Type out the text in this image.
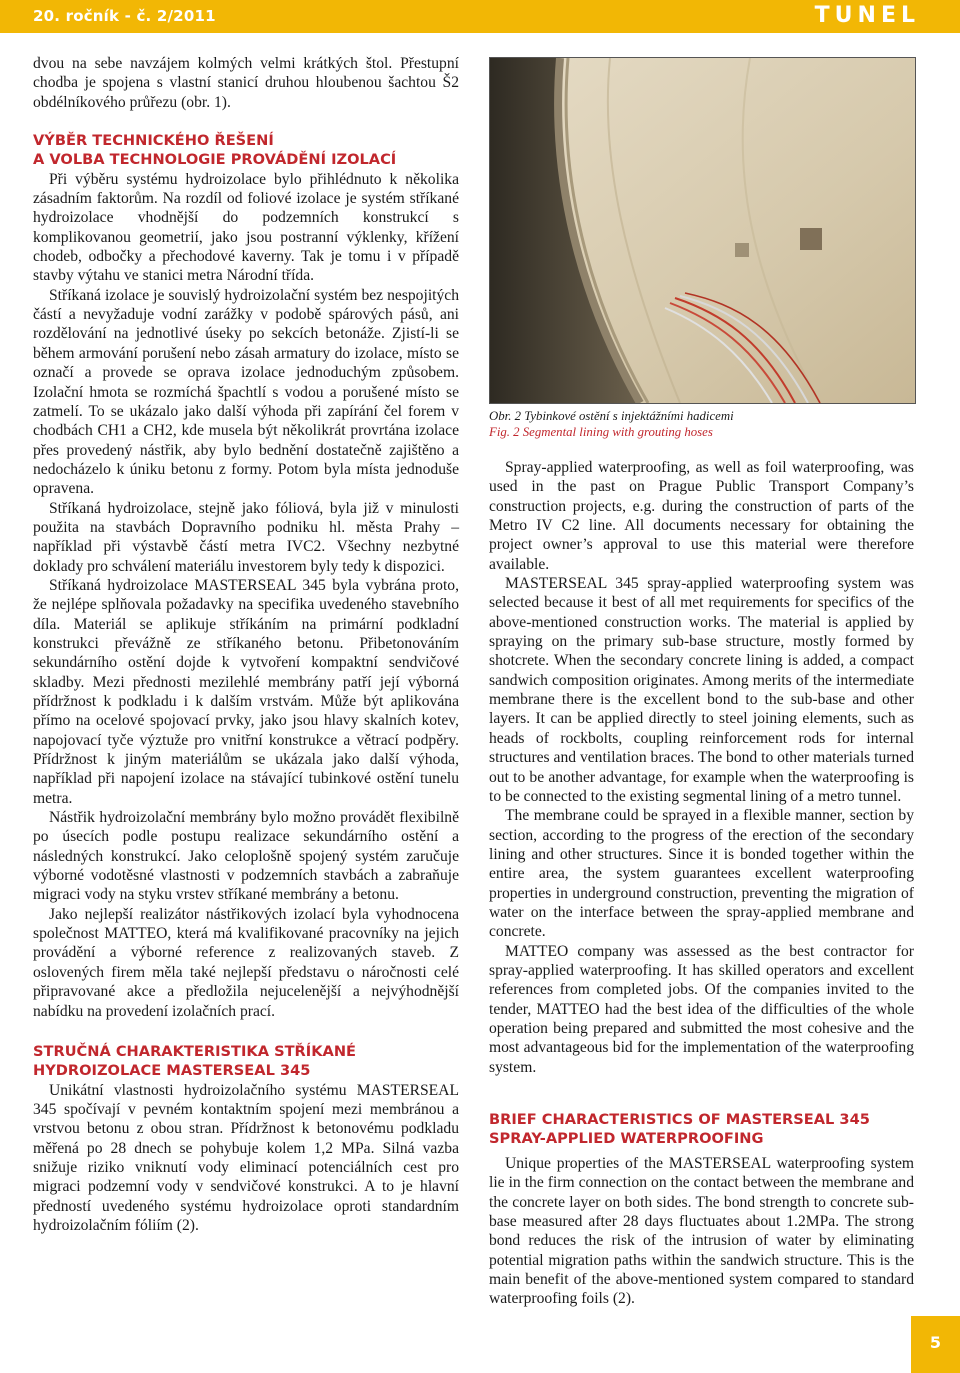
20. ročník - č. 2/2011	TUNEL

dvou na sebe navzájem kolmých velmi krátkých štol. Přestupní chodba je spojena s vlastní stanicí druhou hloubenou šachtou Š2 obdélníkového průřezu (obr. 1).

VÝBĚR TECHNICKÉHO ŘEŠENÍ
A VOLBA TECHNOLOGIE PROVÁDĚNÍ IZOLACÍ

Při výběru systému hydroizolace bylo přihlédnuto k několika zásadním faktorům. Na rozdíl od foliové izolace je systém stříkané hydroizolace vhodnější do podzemních konstrukcí s komplikovanou geometrií, jako jsou postranní výklenky, křížení chodeb, odbočky a přechodové kaverny. Tak je tomu i v případě stavby výtahu ve stanici metra Národní třída.

Stříkaná izolace je souvislý hydroizolační systém bez nespojitých částí a nevyžaduje vodní zarážky v podobě spárových pásů, ani rozdělování na jednotlivé úseky po sekcích betonáže. Zjistí-li se během armování porušení nebo zásah armatury do izolace, místo se označí a provede se oprava izolace jednoduchým způsobem. Izolační hmota se rozmíchá špachtlí s vodou a porušené místo se zatmelí. To se ukázalo jako další výhoda při zapírání čel forem v chodbách CH1 a CH2, kde musela být několikrát provrtána izolace přes provedený nástřik, aby bylo bednění dostatečně zajištěno a nedocházelo k úniku betonu z formy. Potom byla místa jednoduše opravena.

Stříkaná hydroizolace, stejně jako fóliová, byla již v minulosti použita na stavbách Dopravního podniku hl. města Prahy – například při výstavbě částí metra IVC2. Všechny nezbytné doklady pro schválení materiálu investorem byly tedy k dispozici.

Stříkaná hydroizolace MASTERSEAL 345 byla vybrána proto, že nejlépe splňovala požadavky na specifika uvedeného stavebního díla. Materiál se aplikuje stříkáním na primární podkladní konstrukci převážně ze stříkaného betonu. Přibetonováním sekundárního ostění dojde k vytvoření kompaktní sendvičové skladby. Mezi přednosti mezilehlé membrány patří její výborná přídržnost k podkladu i k dalším vrstvám. Může být aplikována přímo na ocelové spojovací prvky, jako jsou hlavy skalních kotev, napojovací tyče výztuže pro vnitřní konstrukce a větrací podpěry. Přídržnost k jiným materiálům se ukázala jako další výhoda, například při napojení izolace na stávající tubinkové ostění tunelu metra.

Nástřik hydroizolační membrány bylo možno provádět flexibilně po úsecích podle postupu realizace sekundárního ostění a následných konstrukcí. Jako celoplošně spojený systém zaručuje výborné vodotěsné vlastnosti v podzemních stavbách a zabraňuje migraci vody na styku vrstev stříkané membrány a betonu.

Jako nejlepší realizátor nástřikových izolací byla vyhodnocena společnost MATTEO, která má kvalifikované pracovníky na jejich provádění a výborné reference z realizovaných staveb. Z oslovených firem měla také nejlepší představu o náročnosti celé připravované akce a předložila nejucelenější a nejvýhodnější nabídku na provedení izolačních prací.

STRUČNÁ CHARAKTERISTIKA STŘÍKANÉ
HYDROIZOLACE MASTERSEAL 345

Unikátní vlastnosti hydroizolačního systému MASTERSEAL 345 spočívají v pevném kontaktním spojení mezi membránou a vrstvou betonu z obou stran. Přídržnost k betonovému podkladu měřená po 28 dnech se pohybuje kolem 1,2 MPa. Silná vazba snižuje riziko vniknutí vody eliminací potenciálních cest pro migraci podzemní vody v sendvičové konstrukci. A to je hlavní předností uvedeného systému hydroizolace oproti standardním hydroizolačním fóliím (2).

Obr. 2 Tybinkové ostění s injektážními hadicemi
Fig. 2 Segmental lining with grouting hoses

Spray-applied waterproofing, as well as foil waterproofing, was used in the past on Prague Public Transport Company’s construction projects, e.g. during the construction of parts of the Metro IV C2 line. All documents necessary for obtaining the project owner’s approval to use this material were therefore available.

MASTERSEAL 345 spray-applied waterproofing system was selected because it best of all met requirements for specifics of the above-mentioned construction works. The material is applied by spraying on the primary sub-base structure, mostly formed by shotcrete. When the secondary concrete lining is added, a compact sandwich composition originates. Among merits of the intermediate membrane there is the excellent bond to the sub-base and other layers. It can be applied directly to steel joining elements, such as heads of rockbolts, coupling reinforcement rods for internal structures and ventilation braces. The bond to other materials turned out to be another advantage, for example when the waterproofing is to be connected to the existing segmental lining of a metro tunnel.

The membrane could be sprayed in a flexible manner, section by section, according to the progress of the erection of the secondary lining and other structures. Since it is bonded together within the entire area, the system guarantees excellent waterproofing properties in underground construction, preventing the migration of water on the interface between the spray-applied membrane and concrete.

MATTEO company was assessed as the best contractor for spray-applied waterproofing. It has skilled operators and excellent references from completed jobs. Of the companies invited to the tender, MATTEO had the best idea of the difficulties of the whole operation being prepared and submitted the most cohesive and the most advantageous bid for the implementation of the waterproofing system.

BRIEF CHARACTERISTICS OF MASTERSEAL 345
SPRAY-APPLIED WATERPROOFING

Unique properties of the MASTERSEAL waterproofing system lie in the firm connection on the contact between the membrane and the concrete layer on both sides. The bond strength to concrete sub-base measured after 28 days fluctuates about 1.2MPa. The strong bond reduces the risk of the intrusion of water by eliminating potential migration paths within the sandwich structure. This is the main benefit of the above-mentioned system compared to standard waterproofing foils (2).

5
